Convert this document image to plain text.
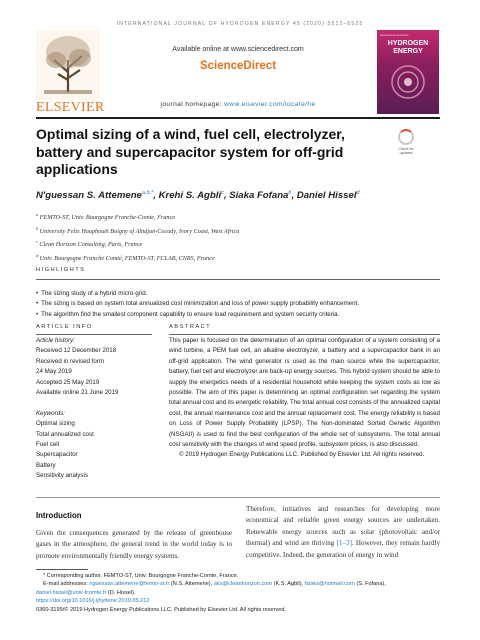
INTERNATIONAL JOURNAL OF HYDROGEN ENERGY 45 (2020) 5512–5525
ELSEVIER
Available online at www.sciencedirect.com
ScienceDirect
journal homepage: www.elsevier.com/locate/he
International Journal of
HYDROGEN ENERGY
Optimal sizing of a wind, fuel cell, electrolyzer, battery and supercapacitor system for off-grid applications
Check for updates
N'guessan S. Attemene$^{a,b,*}$, Krehi S. Agbli$^c$, Siaka Fofana$^b$, Daniel Hissel$^d$
$^a$ FEMTO-ST, Univ. Bourgogne Franche-Comte, France
$^b$ University Felix Houphouët Boigny of Abidjan-Cocody, Ivory Coast, West Africa
$^c$ Clean Horizon Consulting, Paris, France
$^d$ Univ. Bourgogne Franche Comté, FEMTO-ST, FCLAB, CNRS, France
HIGHLIGHTS
• The sizing study of a hybrid micro-grid.
• The sizing is based on system total annualized cost minimization and loss of power supply probability enhancement.
• The algorithm find the smallest component capability to ensure load requirement and system security criteria.
ARTICLE INFO	ABSTRACT
Article history:
Received 12 December 2018
Received in revised form
24 May 2019
Accepted 25 May 2019
Available online 21 June 2019
Keywords:
Optimal sizing
Total annualized cost
Fuel cell
Supercapacitor
Battery
Sensitivity analysis
This paper is focused on the determination of an optimal configuration of a system consisting of a wind turbine, a PEM fuel cell, an alkaline electrolyzer, a battery and a supercapacitor bank in an off-grid application. The wind generator is used as the main source while the supercapacitor, battery, fuel cell and electrolyzer are back-up energy sources. This hybrid system should be able to supply the energetics needs of a residential household while keeping the system costs as low as possible. The aim of this paper is determining an optimal configuration set regarding the system total annual cost and its energetic reliability. The total annual cost consists of the annualized capital cost, the annual maintenance cost and the annual replacement cost. The energy reliability is based on Loss of Power Supply Probability (LPSP). The Non-dominated Sorted Genetic Algorithm (NSGAII) is used to find the best configuration of the whole set of subsystems. The total annual cost sensitivity with the changes of wind speed profile, subsystem prices, is also discussed.
© 2019 Hydrogen Energy Publications LLC. Published by Elsevier Ltd. All rights reserved.
Introduction
Given the consequences generated by the release of greenhouse gases in the atmosphere, the general trend in the world today is to promote environmentally friendly energy systems.
Therefore, initiatives and researches for developing more economical and reliable green energy sources are undertaken. Renewable energy sources such as solar (photovoltaic and/or thermal) and wind are thriving [1–3]. However, they remain hardly competitive. Indeed, the generation of energy in wind
* Corresponding author. FEMTO-ST, Univ. Bourgogne Franche-Comte, France.
E-mail addresses: nguessan.attemene@femto-st.fr (N.S. Attemene), aks@cleanhorizon.com (K.S. Agbli), fsiaks@hotmail.com (S. Fofana),
daniel.hissel@univ-fcomte.fr (D. Hissel).
https://doi.org/10.1016/j.ijhydene.2019.05.212
0360-3199/© 2019 Hydrogen Energy Publications LLC. Published by Elsevier Ltd. All rights reserved.
